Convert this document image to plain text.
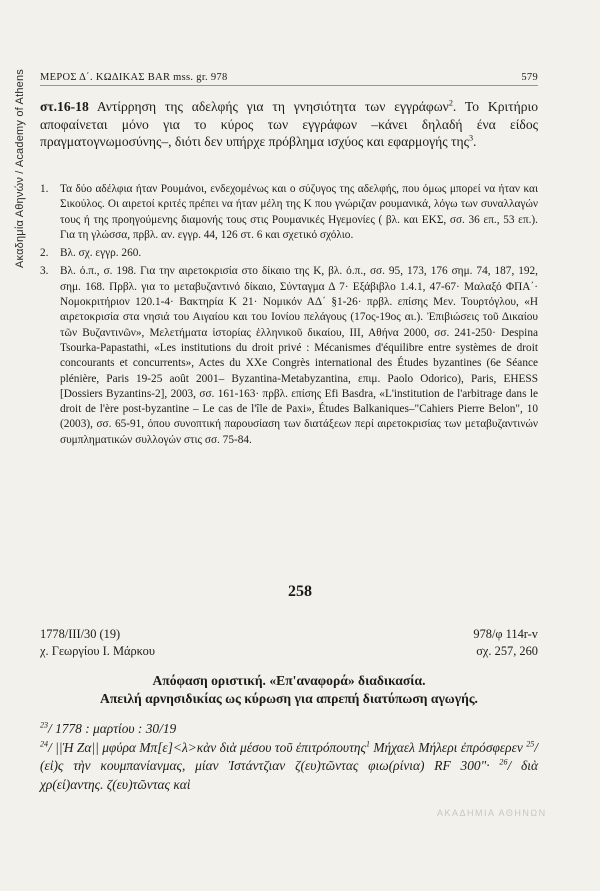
Ακαδημία Αθηνών / Academy of Athens ΜΕΡΟΣ Δ΄. ΚΩΔΙΚΑΣ BAR mss. gr. 978	579

στ.16-18 Αντίρρηση της αδελφής για τη γνησιότητα των εγγράφων$^2$. Το Κριτήριο αποφαίνεται μόνο για το κύρος των εγγράφων –κάνει δηλαδή ένα είδος πραγματογνωμοσύνης–, διότι δεν υπήρχε πρόβλημα ισχύος και εφαρμογής της$^3$.

1.	Τα δύο αδέλφια ήταν Ρουμάνοι, ενδεχομένως και ο σύζυγος της αδελφής, που όμως μπορεί να ήταν και Σικούλος. Οι αιρετοί κριτές πρέπει να ήταν μέλη της Κ που γνώριζαν ρουμανικά, λόγω των συναλλαγών τους ή της προηγούμενης διαμονής τους στις Ρουμανικές Ηγεμονίες ( βλ. και ΕΚΣ, σσ. 36 επ., 53 επ.). Για τη γλώσσα, πρβλ. αν. εγγρ. 44, 126 στ. 6 και σχετικό σχόλιο.
2.	Βλ. σχ. εγγρ. 260.
3.	Βλ. ό.π., σ. 198. Για την αιρετοκρισία στο δίκαιο της Κ, βλ. ό.π., σσ. 95, 173, 176 σημ. 74, 187, 192, σημ. 168. Πρβλ. για το μεταβυζαντινό δίκαιο, Σύνταγμα Δ 7· Εξάβιβλο 1.4.1, 47-67· Μαλαξό ΦΠΑ΄· Νομοκριτήριον 120.1-4· Βακτηρία Κ 21· Νομικόν ΑΔ΄ §1-26· πρβλ. επίσης Μεν. Τουρτόγλου, «Η αιρετοκρισία στα νησιά του Αιγαίου και του Ιονίου πελάγους (17ος-19ος αι.). Ἐπιβιώσεις τοῦ Δικαίου τῶν Βυζαντινῶν», Μελετήματα ἱστορίας ἑλληνικοῦ δικαίου, ΙΙΙ, Αθήνα 2000, σσ. 241-250· Despina Tsourka-Papastathi, «Les institutions du droit privé : Mécanismes d'équilibre entre systèmes de droit concourants et concurrents», Actes du XXe Congrès international des Études byzantines (6e Séance plénière, Paris 19-25 août 2001– Byzantina-Metabyzantina, επιμ. Paolo Odorico), Paris, EHESS [Dossiers Byzantins-2], 2003, σσ. 161-163· πρβλ. επίσης Efi Basdra, «L'institution de l'arbitrage dans le droit de l'ère post-byzantine – Le cas de l'île de Paxi», Études Balkaniques–"Cahiers Pierre Belon", 10 (2003), σσ. 65-91, όπου συνοπτική παρουσίαση των διατάξεων περί αιρετοκρισίας των μεταβυζαντινών συμπληματικών συλλογών στις σσ. 75-84.
258
1778/III/30 (19)	978/φ 114r-v
χ. Γεωργίου Ι. Μάρκου	σχ. 257, 260
Απόφαση οριστική. «Επ'αναφορά» διαδικασία.
Απειλή αρνησιδικίας ως κύρωση για απρεπή διατύπωση αγωγής.

$^{23}$/ 1778 : μαρτίου : 30/19

$^{24}$/ ||Ἡ Ζα|| μφύρα Μπ[ε]<λ>κὰν διὰ μέσου τοῦ ἐπιτρόπουτης$^1$ Μήχαελ Μήλερι ἐπρόσφερεν $^{25}$/ (εἰ)ς τὴν κουμπανίανμας, μίαν Ἰστάντζιαν ζ(ευ)τῶντας φιω(ρίνια) RF 300"· $^{26}$/ διὰ χρ(εί)αντης. ζ(ευ)τῶντας καὶ

ΑΚΑΔΗΜΙΑ ΑΘΗΝΩΝ
